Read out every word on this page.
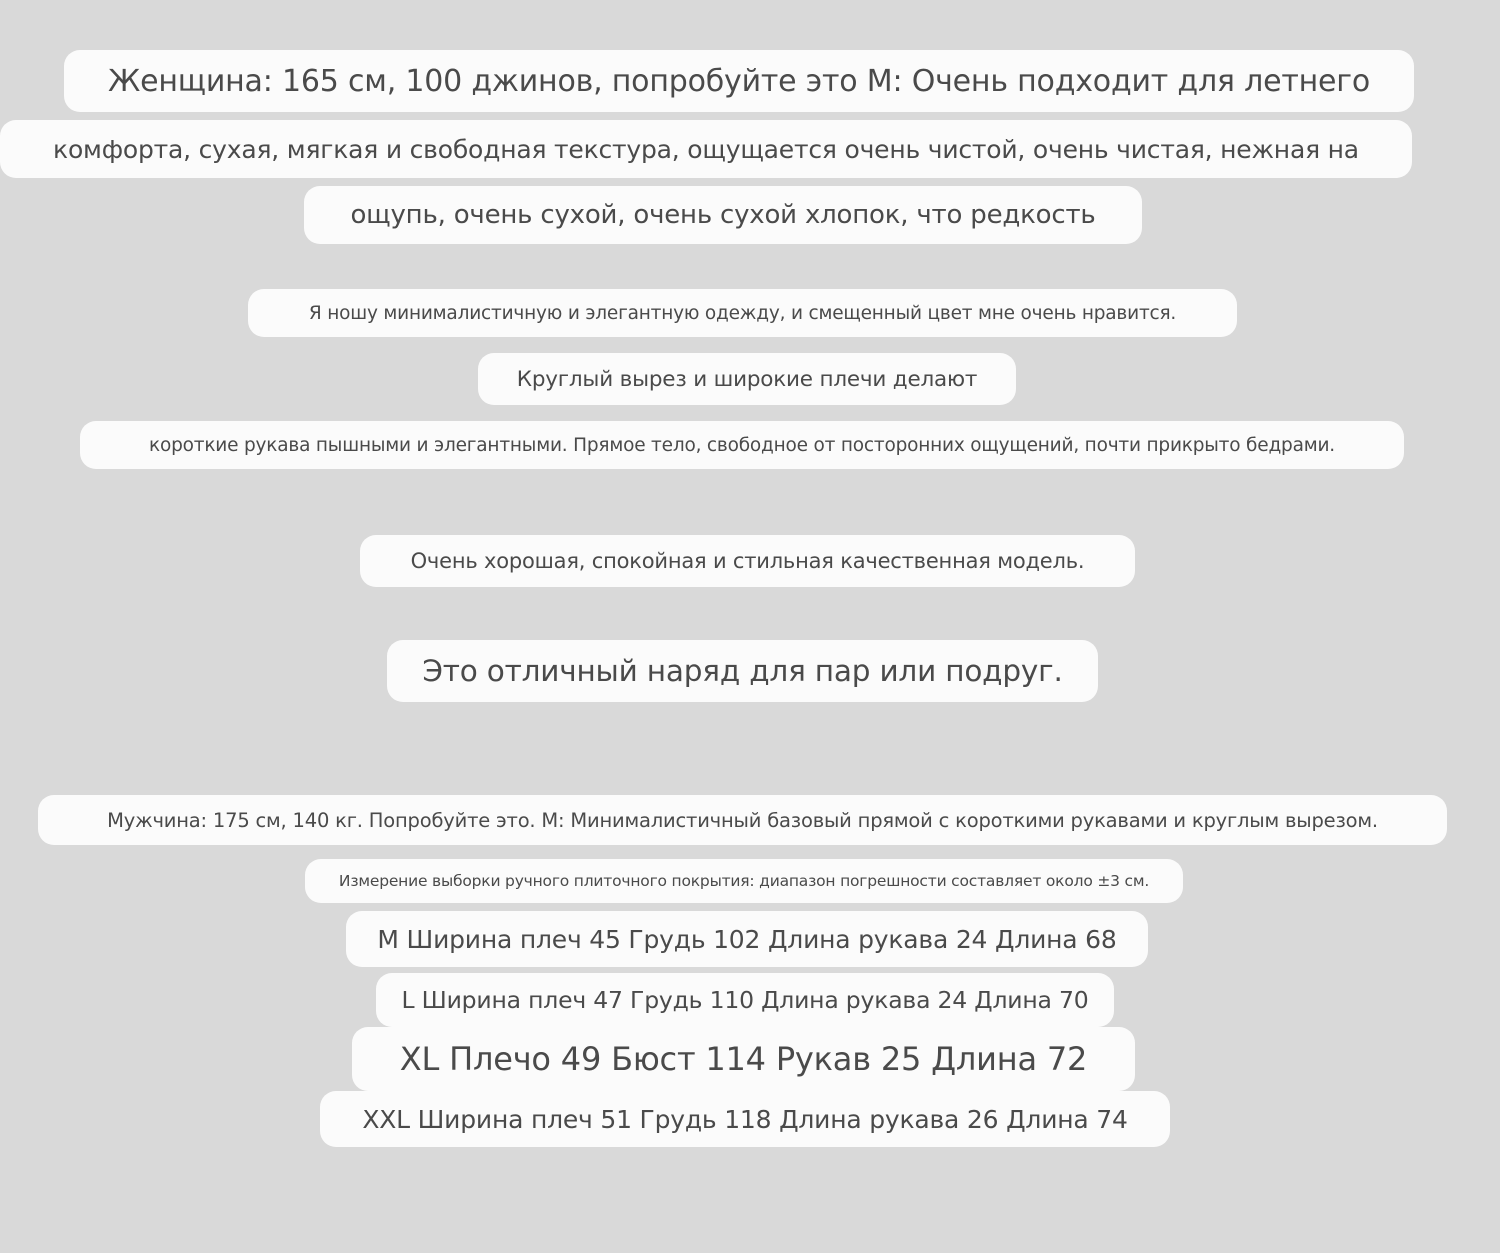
Женщина: 165 см, 100 джинов, попробуйте это М: Очень подходит для летнего
комфорта, сухая, мягкая и свободная текстура, ощущается очень чистой, очень чистая, нежная на
ощупь, очень сухой, очень сухой хлопок, что редкость
Я ношу минималистичную и элегантную одежду, и смещенный цвет мне очень нравится.
Круглый вырез и широкие плечи делают
короткие рукава пышными и элегантными. Прямое тело, свободное от посторонних ощущений, почти прикрыто бедрами.
Очень хорошая, спокойная и стильная качественная модель.
Это отличный наряд для пар или подруг.
Мужчина: 175 см, 140 кг. Попробуйте это. М: Минималистичный базовый прямой с короткими рукавами и круглым вырезом.
Измерение выборки ручного плиточного покрытия: диапазон погрешности составляет около ±3 см.
M Ширина плеч 45 Грудь 102 Длина рукава 24 Длина 68
L Ширина плеч 47 Грудь 110 Длина рукава 24 Длина 70
XL Плечо 49 Бюст 114 Рукав 25 Длина 72
XXL Ширина плеч 51 Грудь 118 Длина рукава 26 Длина 74
